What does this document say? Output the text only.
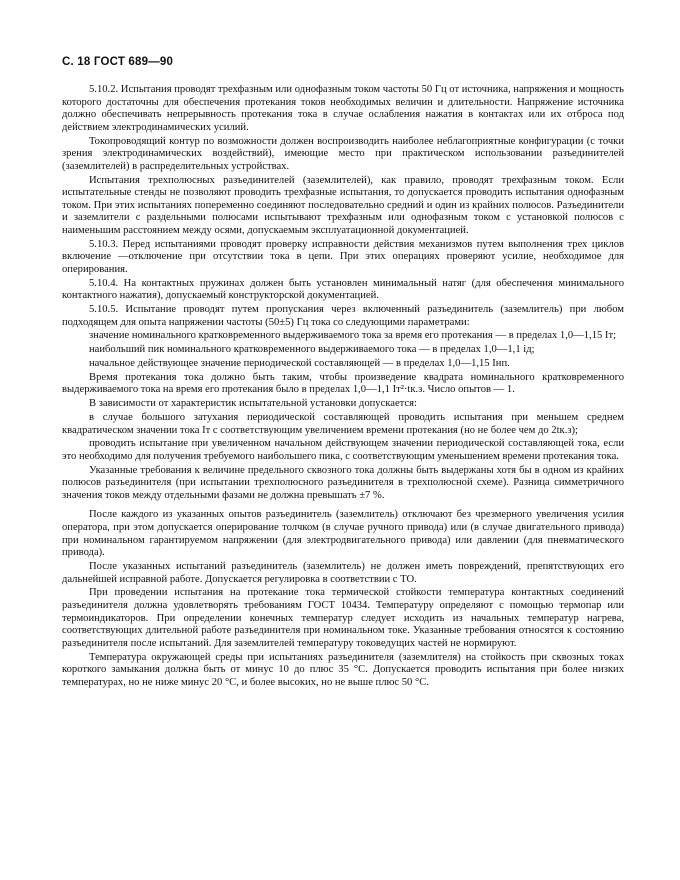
С. 18 ГОСТ 689—90

5.10.2. Испытания проводят трехфазным или однофазным током частоты 50 Гц от источника, напряжения и мощность которого достаточны для обеспечения протекания токов необходимых величин и длительности. Напряжение источника должно обеспечивать непрерывность протекания тока в случае ослабления нажатия в контактах или их отброса под действием электродинамических усилий.

Токопроводящий контур по возможности должен воспроизводить наиболее неблагоприятные конфигурации (с точки зрения электродинамических воздействий), имеющие место при практическом использовании разъединителей (заземлителей) в распределительных устройствах.

Испытания трехполюсных разъединителей (заземлителей), как правило, проводят трехфазным током. Если испытательные стенды не позволяют проводить трехфазные испытания, то допускается проводить испытания однофазным током. При этих испытаниях попеременно соединяют последовательно средний и один из крайних полюсов. Разъединители и заземлители с раздельными полюсами испытывают трехфазным или однофазным током с установкой полюсов с наименьшим расстоянием между осями, допускаемым эксплуатационной документацией.

5.10.3. Перед испытаниями проводят проверку исправности действия механизмов путем выполнения трех циклов включение —отключение при отсутствии тока в цепи. При этих операциях проверяют усилие, необходимое для оперирования.

5.10.4. На контактных пружинах должен быть установлен минимальный натяг (для обеспечения минимального контактного нажатия), допускаемый конструкторской документацией.

5.10.5. Испытание проводят путем пропускания через включенный разъединитель (заземлитель) при любом подходящем для опыта напряжении частоты (50±5) Гц тока со следующими параметрами:

значение номинального кратковременного выдерживаемого тока за время его протекания — в пределах 1,0—1,15 Iт;

наибольший пик номинального кратковременного выдерживаемого тока — в пределах 1,0—1,1 iд;

начальное действующее значение периодической составляющей — в пределах 1,0—1,15 Iнп.

Время протекания тока должно быть таким, чтобы произведение квадрата номинального кратковременного выдерживаемого тока на время его протекания было в пределах 1,0—1,1 Iт²·tк.з. Число опытов — 1.

В зависимости от характеристик испытательной установки допускается:

в случае большого затухания периодической составляющей проводить испытания при меньшем среднем квадратическом значении тока Iт с соответствующим увеличением времени протекания (но не более чем до 2tк.з);

проводить испытание при увеличенном начальном действующем значении периодической составляющей тока, если это необходимо для получения требуемого наибольшего пика, с соответствующим уменьшением времени протекания тока.

Указанные требования к величине предельного сквозного тока должны быть выдержаны хотя бы в одном из крайних полюсов разъединителя (при испытании трехполюсного разъединителя в трехполюсной схеме). Разница симметричного значения токов между отдельными фазами не должна превышать ±7 %.

После каждого из указанных опытов разъединитель (заземлитель) отключают без чрезмерного увеличения усилия оператора, при этом допускается оперирование толчком (в случае ручного привода) или (в случае двигательного привода) при номинальном гарантируемом напряжении (для электродвигательного привода) или давлении (для пневматического привода).

После указанных испытаний разъединитель (заземлитель) не должен иметь повреждений, препятствующих его дальнейшей исправной работе. Допускается регулировка в соответствии с ТО.

При проведении испытания на протекание тока термической стойкости температура контактных соединений разъединителя должна удовлетворять требованиям ГОСТ 10434. Температуру определяют с помощью термопар или термоиндикаторов. При определении конечных температур следует исходить из начальных температур нагрева, соответствующих длительной работе разъединителя при номинальном токе. Указанные требования относятся к состоянию разъединителя после испытаний. Для заземлителей температуру токоведущих частей не нормируют.

Температура окружающей среды при испытаниях разъединителя (заземлителя) на стойкость при сквозных токах короткого замыкания должна быть от минус 10 до плюс 35 °С. Допускается проводить испытания при более низких температурах, но не ниже минус 20 °С, и более высоких, но не выше плюс 50 °С.
